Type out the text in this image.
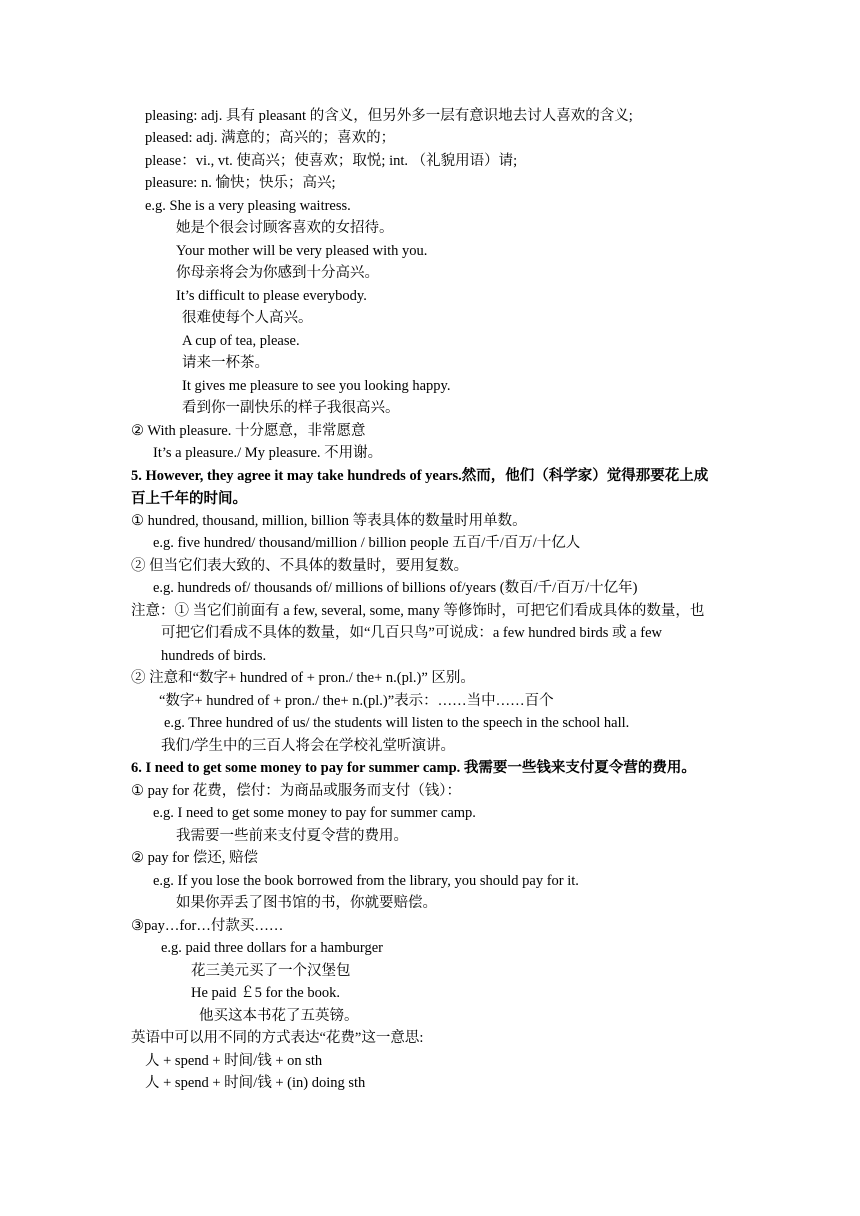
pleasing: adj. 具有 pleasant 的含义，但另外多一层有意识地去讨人喜欢的含义;
pleased: adj. 满意的；高兴的；喜欢的；
please：vi., vt. 使高兴；使喜欢；取悦; int. （礼貌用语）请;
pleasure: n. 愉快；快乐；高兴;
e.g. She is a very pleasing waitress.
她是个很会讨顾客喜欢的女招待。
Your mother will be very pleased with you.
你母亲将会为你感到十分高兴。
It’s difficult to please everybody.
很难使每个人高兴。
A cup of tea, please.
请来一杯茶。
It gives me pleasure to see you looking happy.
看到你一副快乐的样子我很高兴。
② With pleasure. 十分愿意，非常愿意
It’s a pleasure./ My pleasure. 不用谢。
5. However, they agree it may take hundreds of years.然而，他们（科学家）觉得那要花上成
百上千年的时间。
① hundred, thousand, million, billion 等表具体的数量时用单数。
e.g. five hundred/ thousand/million / billion people 五百/千/百万/十亿人
② 但当它们表大致的、不具体的数量时，要用复数。
e.g. hundreds of/ thousands of/ millions of billions of/years (数百/千/百万/十亿年)
注意：① 当它们前面有 a few, several, some, many 等修饰时，可把它们看成具体的数量，也
可把它们看成不具体的数量，如“几百只鸟”可说成：a few hundred birds 或 a few
hundreds of birds.
② 注意和“数字+ hundred of + pron./ the+ n.(pl.)” 区别。
“数字+ hundred of + pron./ the+ n.(pl.)”表示：……当中……百个
e.g. Three hundred of us/ the students will listen to the speech in the school hall.
我们/学生中的三百人将会在学校礼堂听演讲。
6. I need to get some money to pay for summer camp. 我需要一些钱来支付夏令营的费用。
① pay for 花费，偿付：为商品或服务而支付（钱）：
e.g. I need to get some money to pay for summer camp.
我需要一些前来支付夏令营的费用。
② pay for 偿还, 赔偿
e.g. If you lose the book borrowed from the library, you should pay for it.
如果你弄丢了图书馆的书，你就要赔偿。
③pay…for…付款买……
e.g. paid three dollars for a hamburger
花三美元买了一个汉堡包
He paid ￡5 for the book.
他买这本书花了五英镑。
英语中可以用不同的方式表达“花费”这一意思:
人 + spend + 时间/钱 + on sth
人 + spend + 时间/钱 + (in) doing sth
